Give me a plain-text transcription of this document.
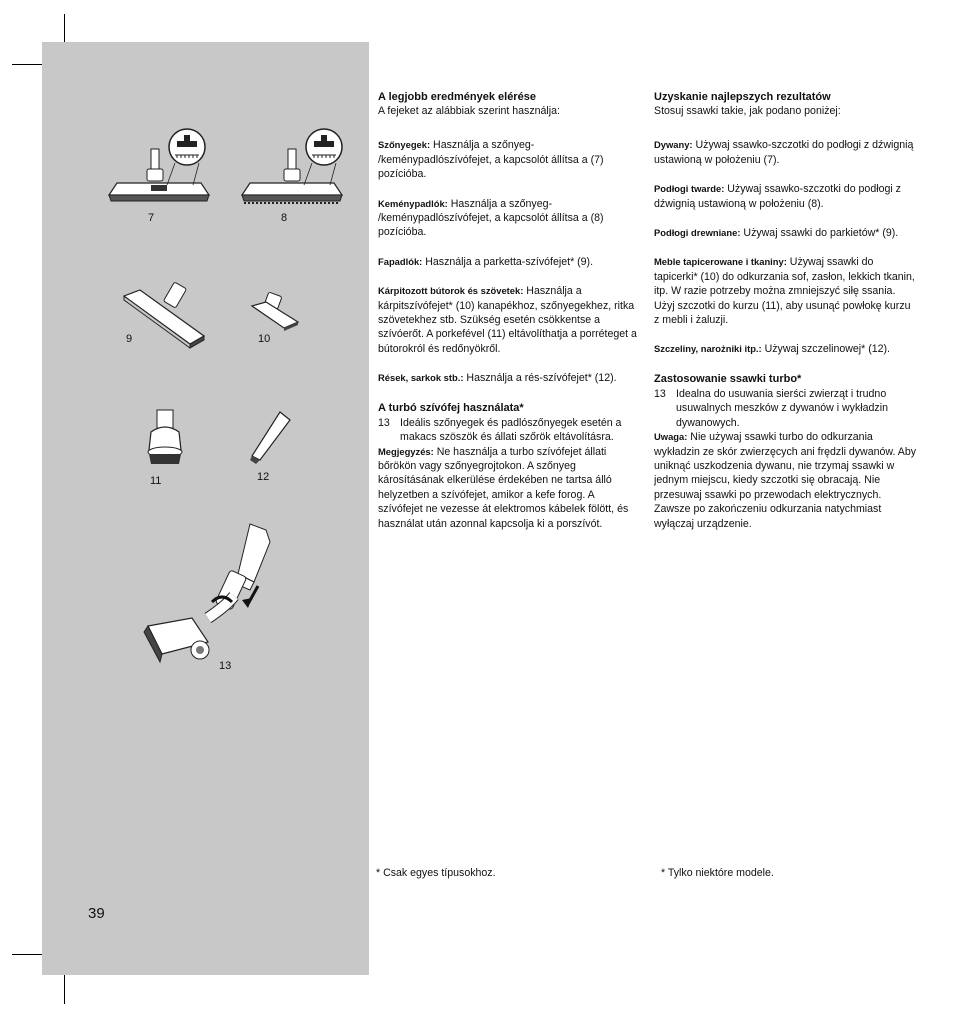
7	8
9	10
11	12
13
39
A legjobb eredmények elérése

A fejeket az alábbiak szerint használja:

Szőnyegek: Használja a szőnyeg- /keménypadlószívófejet, a kapcsolót állítsa a (7) pozícióba.

Keménypadlók: Használja a szőnyeg- /keménypadlószívófejet, a kapcsolót állítsa a (8) pozícióba.

Fapadlók: Használja a parketta-szívófejet* (9).

Kárpitozott bútorok és szövetek: Használja a kárpitszívófejet* (10) kanapékhoz, szőnyegekhez, ritka szövetekhez stb. Szükség esetén csökkentse a szívóerőt. A porkefével (11) eltávolíthatja a porréteget a bútorokról és redőnyökről.

Rések, sarkok stb.: Használja a rés-szívófejet* (12).

A turbó szívófej használata*
13 Ideális szőnyegek és padlószőnyegek esetén a makacs szöszök és állati szőrök eltávolításra.

Megjegyzés: Ne használja a turbo szívófejet állati bőrökön vagy szőnyegrojtokon. A szőnyeg károsításának elkerülése érdekében ne tartsa álló helyzetben a szívófejet, amikor a kefe forog. A szívófejet ne vezesse át elektromos kábelek fölött, és használat után azonnal kapcsolja ki a porszívót.

Uzyskanie najlepszych rezultatów

Stosuj ssawki takie, jak podano poniżej:

Dywany: Używaj ssawko-szczotki do podłogi z dźwignią ustawioną w położeniu (7).

Podłogi twarde: Używaj ssawko-szczotki do podłogi z dźwignią ustawioną w położeniu (8).

Podłogi drewniane: Używaj ssawki do parkietów* (9).

Meble tapicerowane i tkaniny: Używaj ssawki do tapicerki* (10) do odkurzania sof, zasłon, lekkich tkanin, itp. W razie potrzeby można zmniejszyć siłę ssania. Użyj szczotki do kurzu (11), aby usunąć powłokę kurzu z mebli i żaluzji.

Szczeliny, narożniki itp.: Używaj szczelinowej* (12).

Zastosowanie ssawki turbo*
13 Idealna do usuwania sierści zwierząt i trudno usuwalnych meszków z dywanów i wykładzin dywanowych.

Uwaga: Nie używaj ssawki turbo do odkurzania wykładzin ze skór zwierzęcych ani frędzli dywanów. Aby uniknąć uszkodzenia dywanu, nie trzymaj ssawki w jednym miejscu, kiedy szczotki się obracają. Nie przesuwaj ssawki po przewodach elektrycznych. Zawsze po zakończeniu odkurzania natychmiast wyłączaj urządzenie.

* Csak egyes típusokhoz.	* Tylko niektóre modele.
